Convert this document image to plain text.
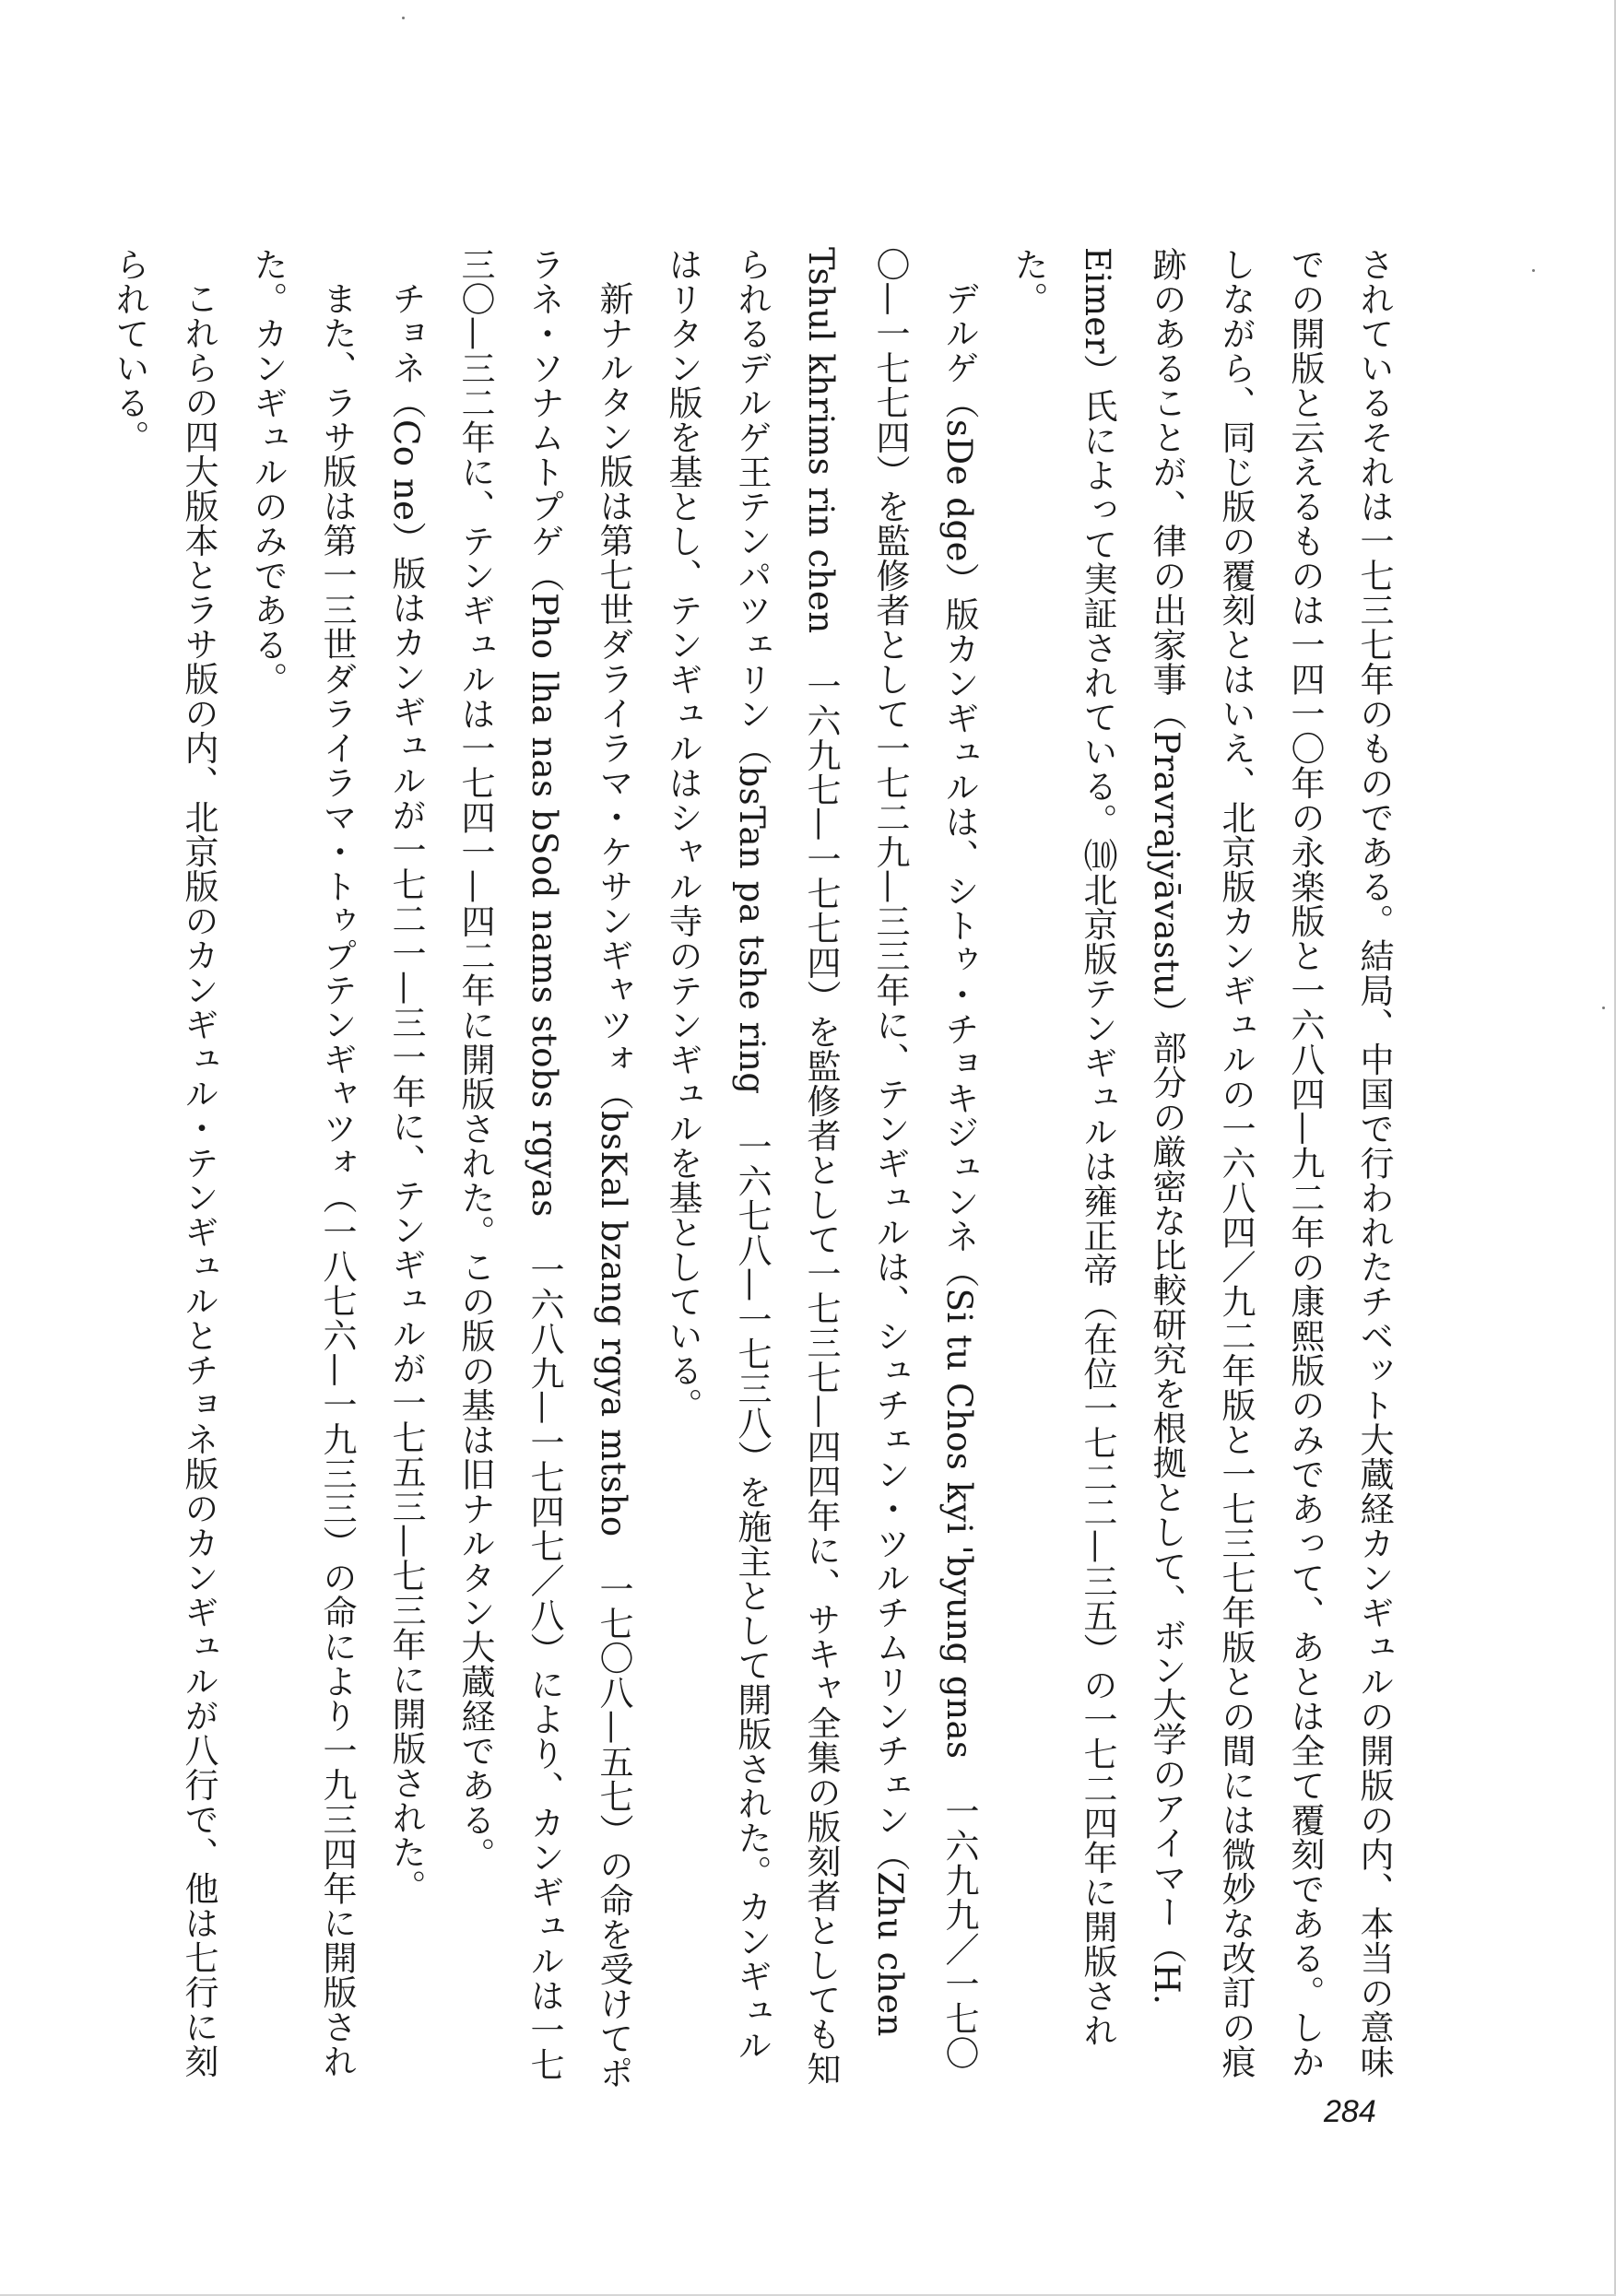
されているそれは一七三七年のものである。結局、中国で行われたチベット大蔵経カンギュルの開版の内、本当の意味での開版と云えるものは一四一〇年の永楽版と一六八四—九二年の康熙版のみであって、あとは全て覆刻である。しかしながら、同じ版の覆刻とはいえ、北京版カンギュルの一六八四／九二年版と一七三七年版との間には微妙な改訂の痕跡のあることが、律の出家事（Pravrajyāvastu）部分の厳密な比較研究を根拠として、ボン大学のアイマー（H. Eimer）氏によって実証されている。⑽北京版テンギュルは雍正帝（在位一七二二—三五）の一七二四年に開版された。

デルゲ（sDe dge）版カンギュルは、シトゥ・チョキジュンネ（Si tu Chos kyi 'byung gnas　一六九九／一七〇〇—一七七四）を監修者として一七二九—三三年に、テンギュルは、シュチェン・ツルチムリンチェン（Zhu chen Tshul khrims rin chen　一六九七—一七七四）を監修者として一七三七—四四年に、サキャ全集の版刻者としても知られるデルゲ王テンパツェリン（bsTan pa tshe ring　一六七八—一七三八）を施主として開版された。カンギュルはリタン版を基とし、テンギュルはシャル寺のテンギュルを基としている。

新ナルタン版は第七世ダライラマ・ケサンギャツォ（bsKal bzang rgya mtsho　一七〇八—五七）の命を受けてポラネ・ソナムトプゲ（Pho lha nas bSod nams stobs rgyas　一六八九—一七四七／八）により、カンギュルは一七三〇—三二年に、テンギュルは一七四一—四二年に開版された。この版の基は旧ナルタン大蔵経である。

チョネ（Co ne）版はカンギュルが一七二一—三一年に、テンギュルが一七五三—七三年に開版された。

また、ラサ版は第一三世ダライラマ・トゥプテンギャツォ（一八七六—一九三三）の命により一九三四年に開版された。カンギュルのみである。

これらの四大版本とラサ版の内、北京版のカンギュル・テンギュルとチョネ版のカンギュルが八行で、他は七行に刻られている。

284
